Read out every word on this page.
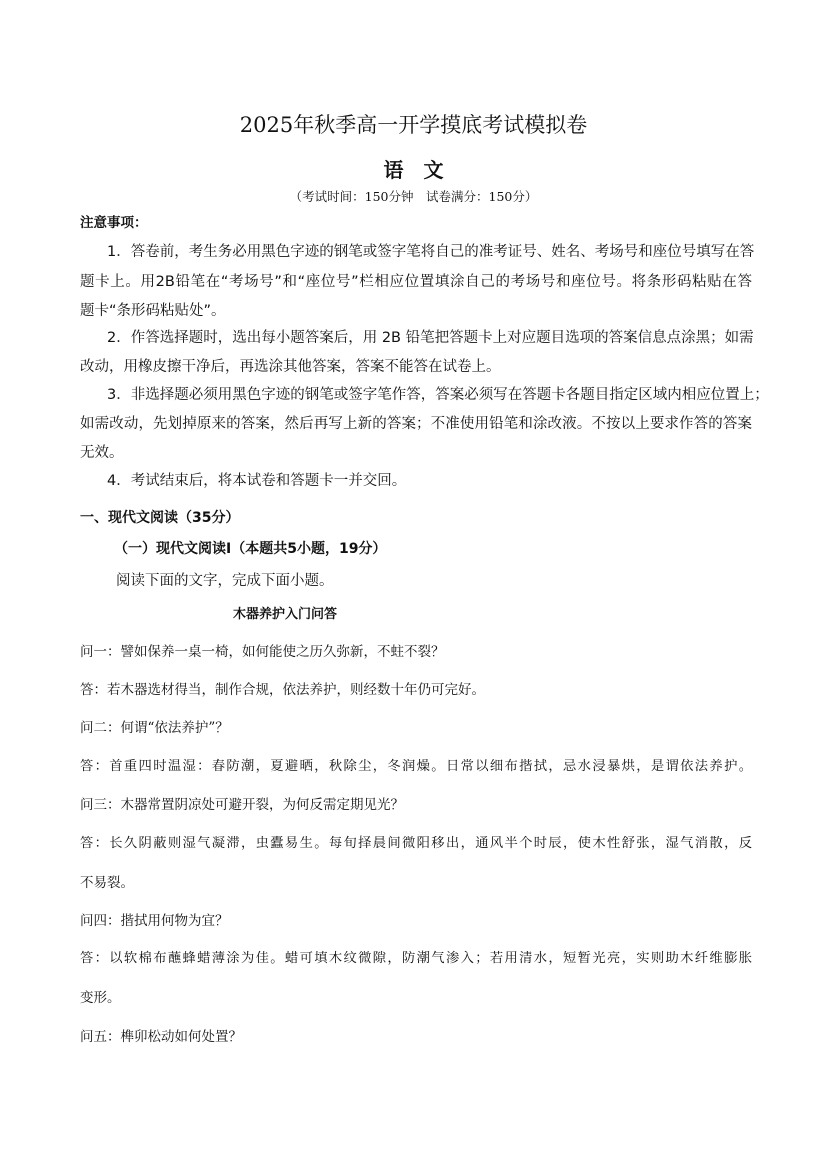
2025年秋季高一开学摸底考试模拟卷
语　文
（考试时间：150分钟　试卷满分：150分）
注意事项：
1．答卷前，考生务必用黑色字迹的钢笔或签字笔将自己的准考证号、姓名、考场号和座位号填写在答
题卡上。用2B铅笔在“考场号”和“座位号”栏相应位置填涂自己的考场号和座位号。将条形码粘贴在答
题卡“条形码粘贴处”。
2．作答选择题时，选出每小题答案后，用 2B 铅笔把答题卡上对应题目选项的答案信息点涂黑；如需
改动，用橡皮擦干净后，再选涂其他答案，答案不能答在试卷上。
3．非选择题必须用黑色字迹的钢笔或签字笔作答，答案必须写在答题卡各题目指定区域内相应位置上；
如需改动，先划掉原来的答案，然后再写上新的答案；不准使用铅笔和涂改液。不按以上要求作答的答案
无效。
4．考试结束后，将本试卷和答题卡一并交回。
一、现代文阅读（35分）
（一）现代文阅读Ⅰ（本题共5小题，19分）
阅读下面的文字，完成下面小题。
木器养护入门问答
问一：譬如保养一桌一椅，如何能使之历久弥新，不蛀不裂？
答：若木器选材得当，制作合规，依法养护，则经数十年仍可完好。
问二：何谓“依法养护”？
答：首重四时温湿：春防潮，夏避晒，秋除尘，冬润燥。日常以细布揩拭，忌水浸暴烘，是谓依法养护。
问三：木器常置阴凉处可避开裂，为何反需定期见光？
答：长久阴蔽则湿气凝滞，虫蠹易生。每旬择晨间微阳移出，通风半个时辰，使木性舒张，湿气消散，反
不易裂。
问四：揩拭用何物为宜？
答：以软棉布蘸蜂蜡薄涂为佳。蜡可填木纹微隙，防潮气渗入；若用清水，短暂光亮，实则助木纤维膨胀
变形。
问五：榫卯松动如何处置？
